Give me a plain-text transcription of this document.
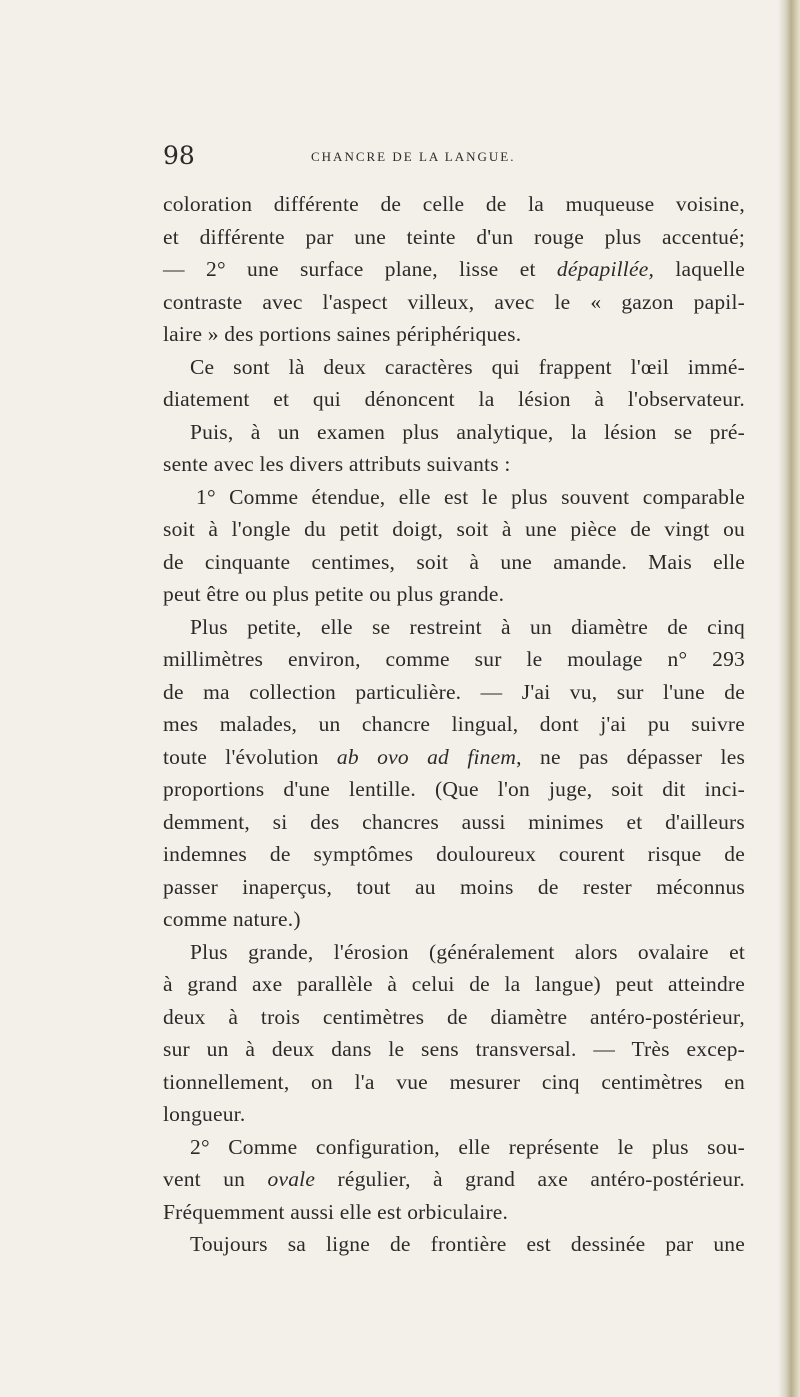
98	CHANCRE DE LA LANGUE.
coloration différente de celle de la muqueuse voisine,
et différente par une teinte d'un rouge plus accentué;
— 2° une surface plane, lisse et dépapillée, laquelle
contraste avec l'aspect villeux, avec le « gazon papil-
laire » des portions saines périphériques.
Ce sont là deux caractères qui frappent l'œil immé-
diatement et qui dénoncent la lésion à l'observateur.
Puis, à un examen plus analytique, la lésion se pré-
sente avec les divers attributs suivants :
1° Comme étendue, elle est le plus souvent comparable
soit à l'ongle du petit doigt, soit à une pièce de vingt ou
de cinquante centimes, soit à une amande. Mais elle
peut être ou plus petite ou plus grande.
Plus petite, elle se restreint à un diamètre de cinq
millimètres environ, comme sur le moulage n° 293
de ma collection particulière. — J'ai vu, sur l'une de
mes malades, un chancre lingual, dont j'ai pu suivre
toute l'évolution ab ovo ad finem, ne pas dépasser les
proportions d'une lentille. (Que l'on juge, soit dit inci-
demment, si des chancres aussi minimes et d'ailleurs
indemnes de symptômes douloureux courent risque de
passer inaperçus, tout au moins de rester méconnus
comme nature.)
Plus grande, l'érosion (généralement alors ovalaire et
à grand axe parallèle à celui de la langue) peut atteindre
deux à trois centimètres de diamètre antéro-postérieur,
sur un à deux dans le sens transversal. — Très excep-
tionnellement, on l'a vue mesurer cinq centimètres en
longueur.
2° Comme configuration, elle représente le plus sou-
vent un ovale régulier, à grand axe antéro-postérieur.
Fréquemment aussi elle est orbiculaire.
Toujours sa ligne de frontière est dessinée par une
